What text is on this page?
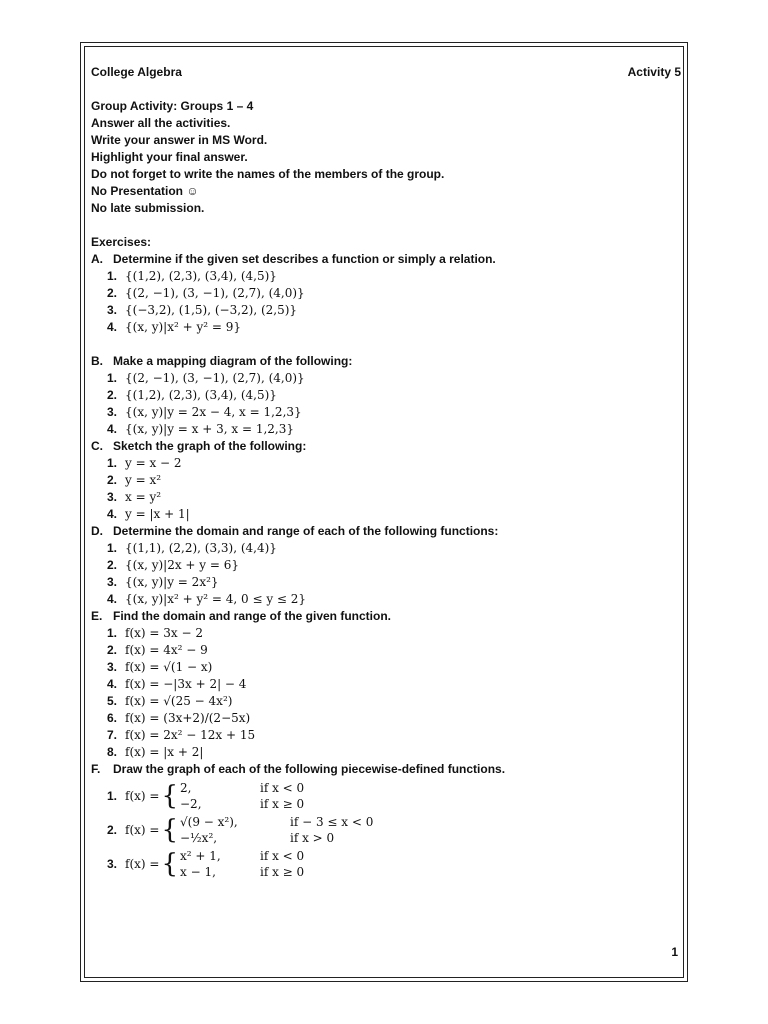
College Algebra	Activity 5
Group Activity: Groups 1 – 4
Answer all the activities.
Write your answer in MS Word.
Highlight your final answer.
Do not forget to write the names of the members of the group.
No Presentation ☺
No late submission.
Exercises:
A. Determine if the given set describes a function or simply a relation.
1. {(1,2), (2,3), (3,4), (4,5)}
2. {(2, −1), (3, −1), (2,7), (4,0)}
3. {(−3,2), (1,5), (−3,2), (2,5)}
4. {(x, y)|x² + y² = 9}
B. Make a mapping diagram of the following:
1. {(2, −1), (3, −1), (2,7), (4,0)}
2. {(1,2), (2,3), (3,4), (4,5)}
3. {(x, y)|y = 2x − 4, x = 1,2,3}
4. {(x, y)|y = x + 3, x = 1,2,3}
C. Sketch the graph of the following:
1. y = x − 2
2. y = x²
3. x = y²
4. y = |x + 1|
D. Determine the domain and range of each of the following functions:
1. {(1,1), (2,2), (3,3), (4,4)}
2. {(x, y)|2x + y = 6}
3. {(x, y)|y = 2x²}
4. {(x, y)|x² + y² = 4, 0 ≤ y ≤ 2}
E. Find the domain and range of the given function.
1. f(x) = 3x − 2
2. f(x) = 4x² − 9
3. f(x) = √(1 − x)
4. f(x) = −|3x + 2| − 4
5. f(x) = √(25 − 4x²)
6. f(x) = (3x+2)/(2−5x)
7. f(x) = 2x² − 12x + 15
8. f(x) = |x + 2|
F.	Draw the graph of each of the following piecewise-defined functions.
1. f(x) = { 2,	if x < 0
−2,	if x ≥ 0
2. f(x) = { √(9 − x²),	if − 3 ≤ x < 0
−½x²,	if x > 0
3. f(x) = { x² + 1,	if x < 0
x − 1,	if x ≥ 0
1
